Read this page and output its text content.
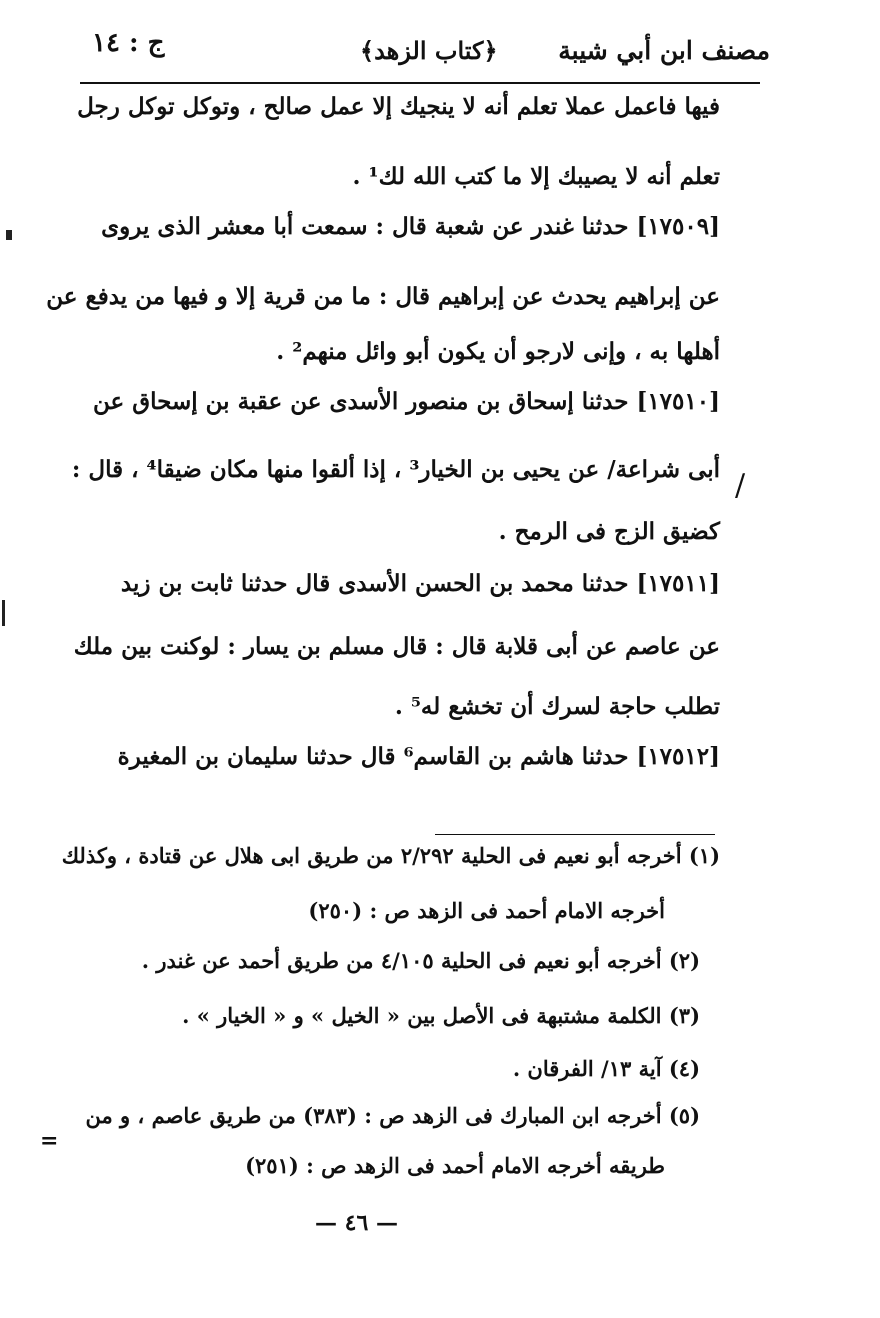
مصنف ابن أبي شيبة
﴿كتاب الزهد﴾
ج : ١٤
فيها فاعمل عملا تعلم أنه لا ينجيك إلا عمل صالح ، وتوكل توكل رجل
تعلم أنه لا يصيبك إلا ما كتب الله لك¹ .
[١٧٥٠٩] حدثنا غندر عن شعبة قال : سمعت أبا معشر الذى يروى
عن إبراهيم يحدث عن إبراهيم قال : ما من قرية إلا و فيها من يدفع عن
أهلها به ، وإنى لارجو أن يكون أبو وائل منهم² .
[١٧٥١٠] حدثنا إسحاق بن منصور الأسدى عن عقبة بن إسحاق عن
أبى شراعة/ عن يحيى بن الخيار³ ، إذا ألقوا منها مكان ضيقا⁴ ، قال :
كضيق الزج فى الرمح .
[١٧٥١١] حدثنا محمد بن الحسن الأسدى قال حدثنا ثابت بن زيد
عن عاصم عن أبى قلابة قال : قال مسلم بن يسار : لوكنت بين ملك
تطلب حاجة لسرك أن تخشع له⁵ .
[١٧٥١٢] حدثنا هاشم بن القاسم⁶ قال حدثنا سليمان بن المغيرة
(١) أخرجه أبو نعيم فى الحلية ٢/٢٩٢ من طريق ابى هلال عن قتادة ، وكذلك
أخرجه الامام أحمد فى الزهد ص : (٢٥٠)
(٢) أخرجه أبو نعيم فى الحلية ٤/١٠٥ من طريق أحمد عن غندر .
(٣) الكلمة مشتبهة فى الأصل بين « الخيل » و « الخيار » .
(٤) آية ١٣/ الفرقان .
(٥) أخرجه ابن المبارك فى الزهد ص : (٣٨٣) من طريق عاصم ، و من
طريقه أخرجه الامام أحمد فى الزهد ص : (٢٥١)
— ٤٦ —
/
=
